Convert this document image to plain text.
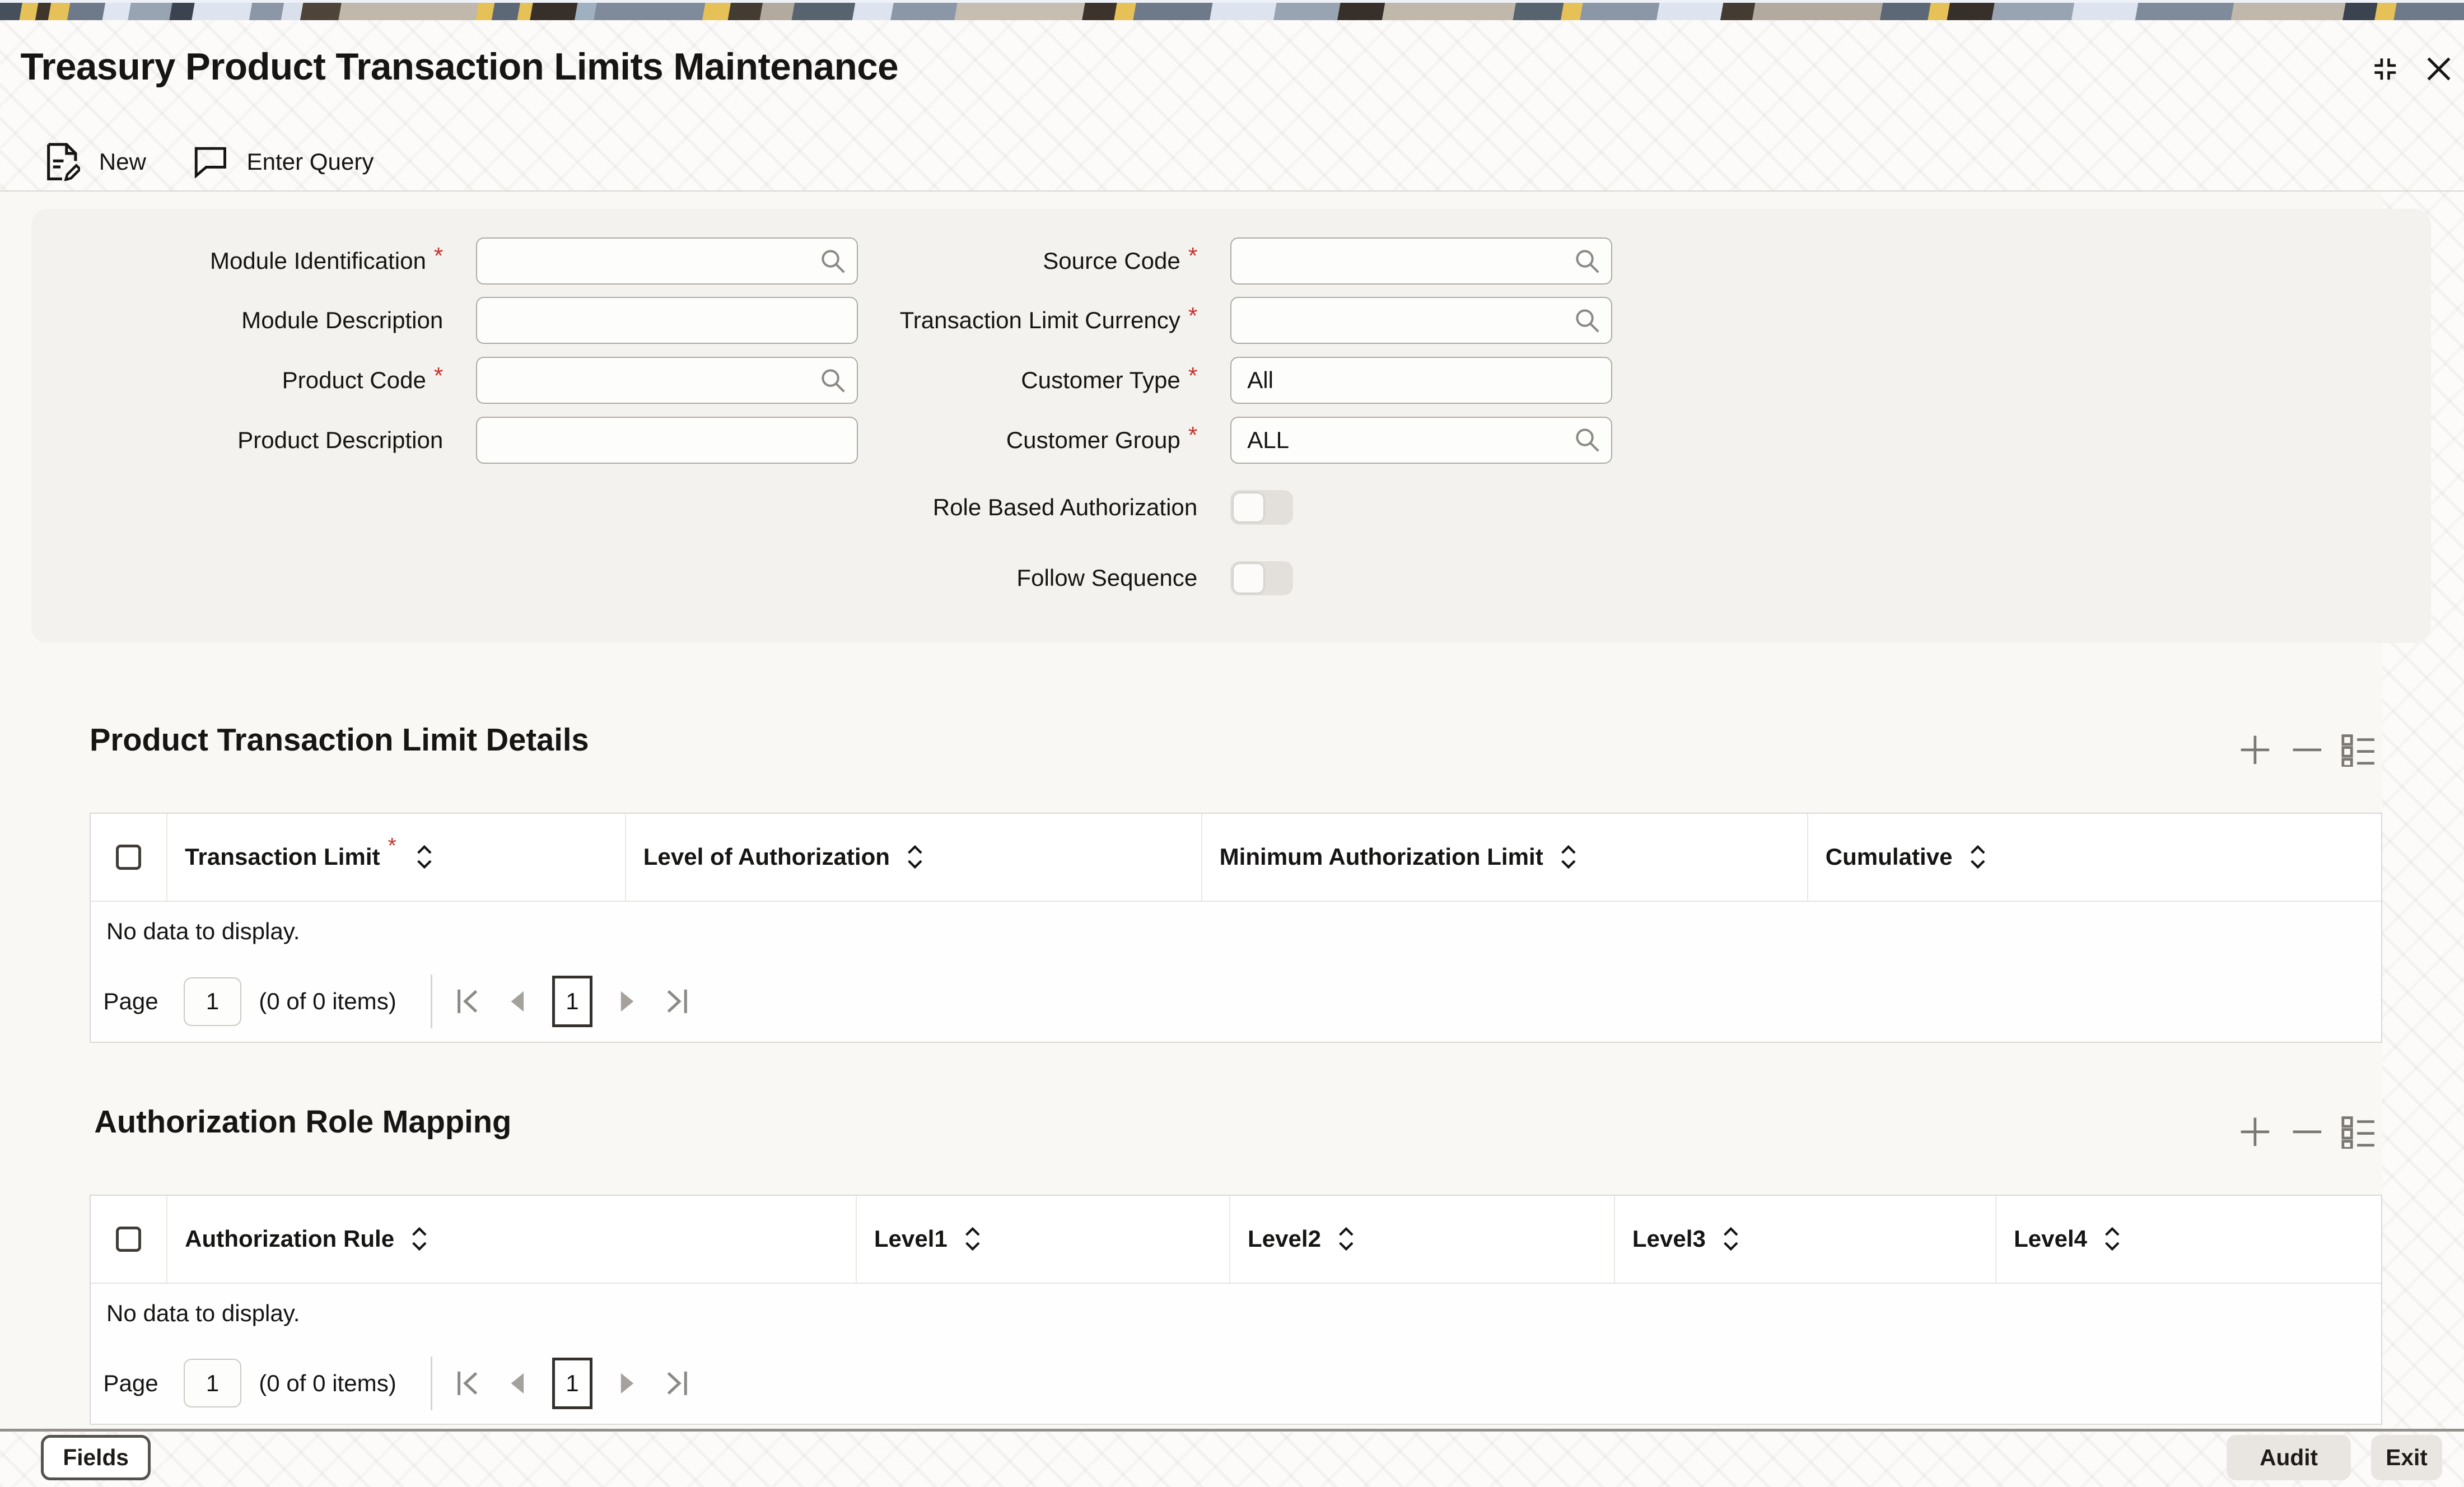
Treasury Product Transaction Limits Maintenance
New	Enter Query
Module Identification *
Module Description
Product Code *
Product Description
Source Code *
Transaction Limit Currency *
Customer Type *
All
Customer Group *
ALL
Role Based Authorization
Follow Sequence
Product Transaction Limit Details
Transaction Limit *	Level of Authorization	Minimum Authorization Limit	Cumulative
No data to display.
Page
1	(0 of 0 items)	1
Authorization Role Mapping
Authorization Rule	Level1	Level2	Level3	Level4
No data to display.
Page
1	(0 of 0 items)	1
Fields	Audit	Exit
